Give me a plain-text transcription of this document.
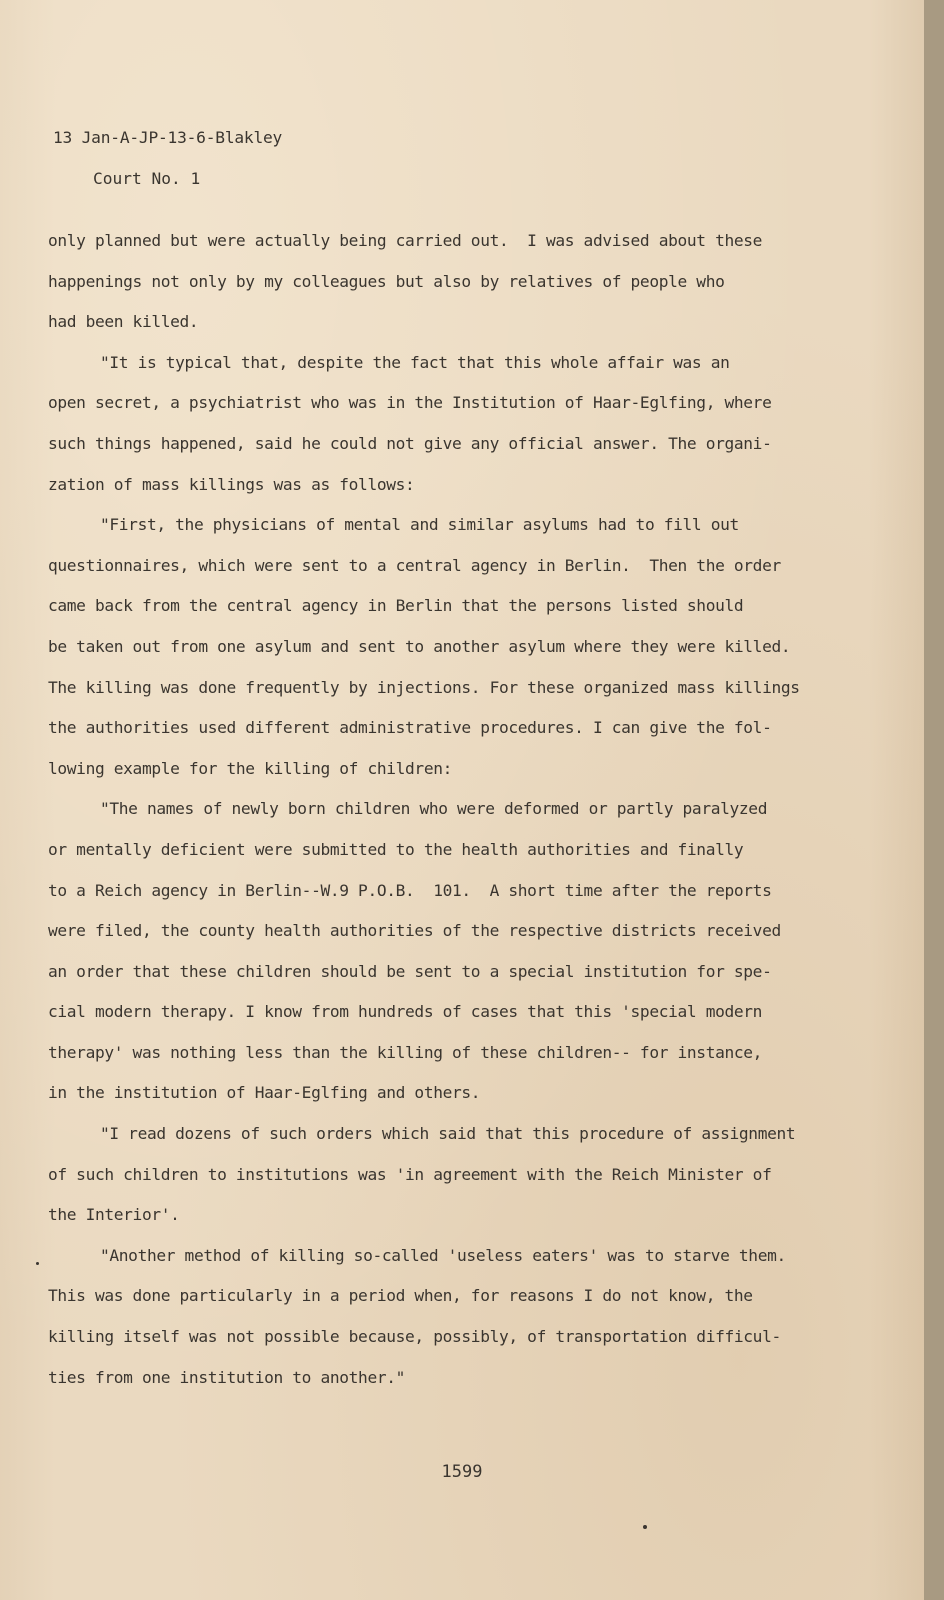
13 Jan-A-JP-13-6-Blakley
Court No. 1
only planned but were actually being carried out.  I was advised about these
happenings not only by my colleagues but also by relatives of people who
had been killed.
"It is typical that, despite the fact that this whole affair was an
open secret, a psychiatrist who was in the Institution of Haar-Eglfing, where
such things happened, said he could not give any official answer. The organi-
zation of mass killings was as follows:
"First, the physicians of mental and similar asylums had to fill out
questionnaires, which were sent to a central agency in Berlin.  Then the order
came back from the central agency in Berlin that the persons listed should
be taken out from one asylum and sent to another asylum where they were killed.
The killing was done frequently by injections. For these organized mass killings
the authorities used different administrative procedures. I can give the fol-
lowing example for the killing of children:
"The names of newly born children who were deformed or partly paralyzed
or mentally deficient were submitted to the health authorities and finally
to a Reich agency in Berlin--W.9 P.O.B.  101.  A short time after the reports
were filed, the county health authorities of the respective districts received
an order that these children should be sent to a special institution for spe-
cial modern therapy. I know from hundreds of cases that this 'special modern
therapy' was nothing less than the killing of these children-- for instance,
in the institution of Haar-Eglfing and others.
"I read dozens of such orders which said that this procedure of assignment
of such children to institutions was 'in agreement with the Reich Minister of
the Interior'.
"Another method of killing so-called 'useless eaters' was to starve them.
This was done particularly in a period when, for reasons I do not know, the
killing itself was not possible because, possibly, of transportation difficul-
ties from one institution to another."
1599
